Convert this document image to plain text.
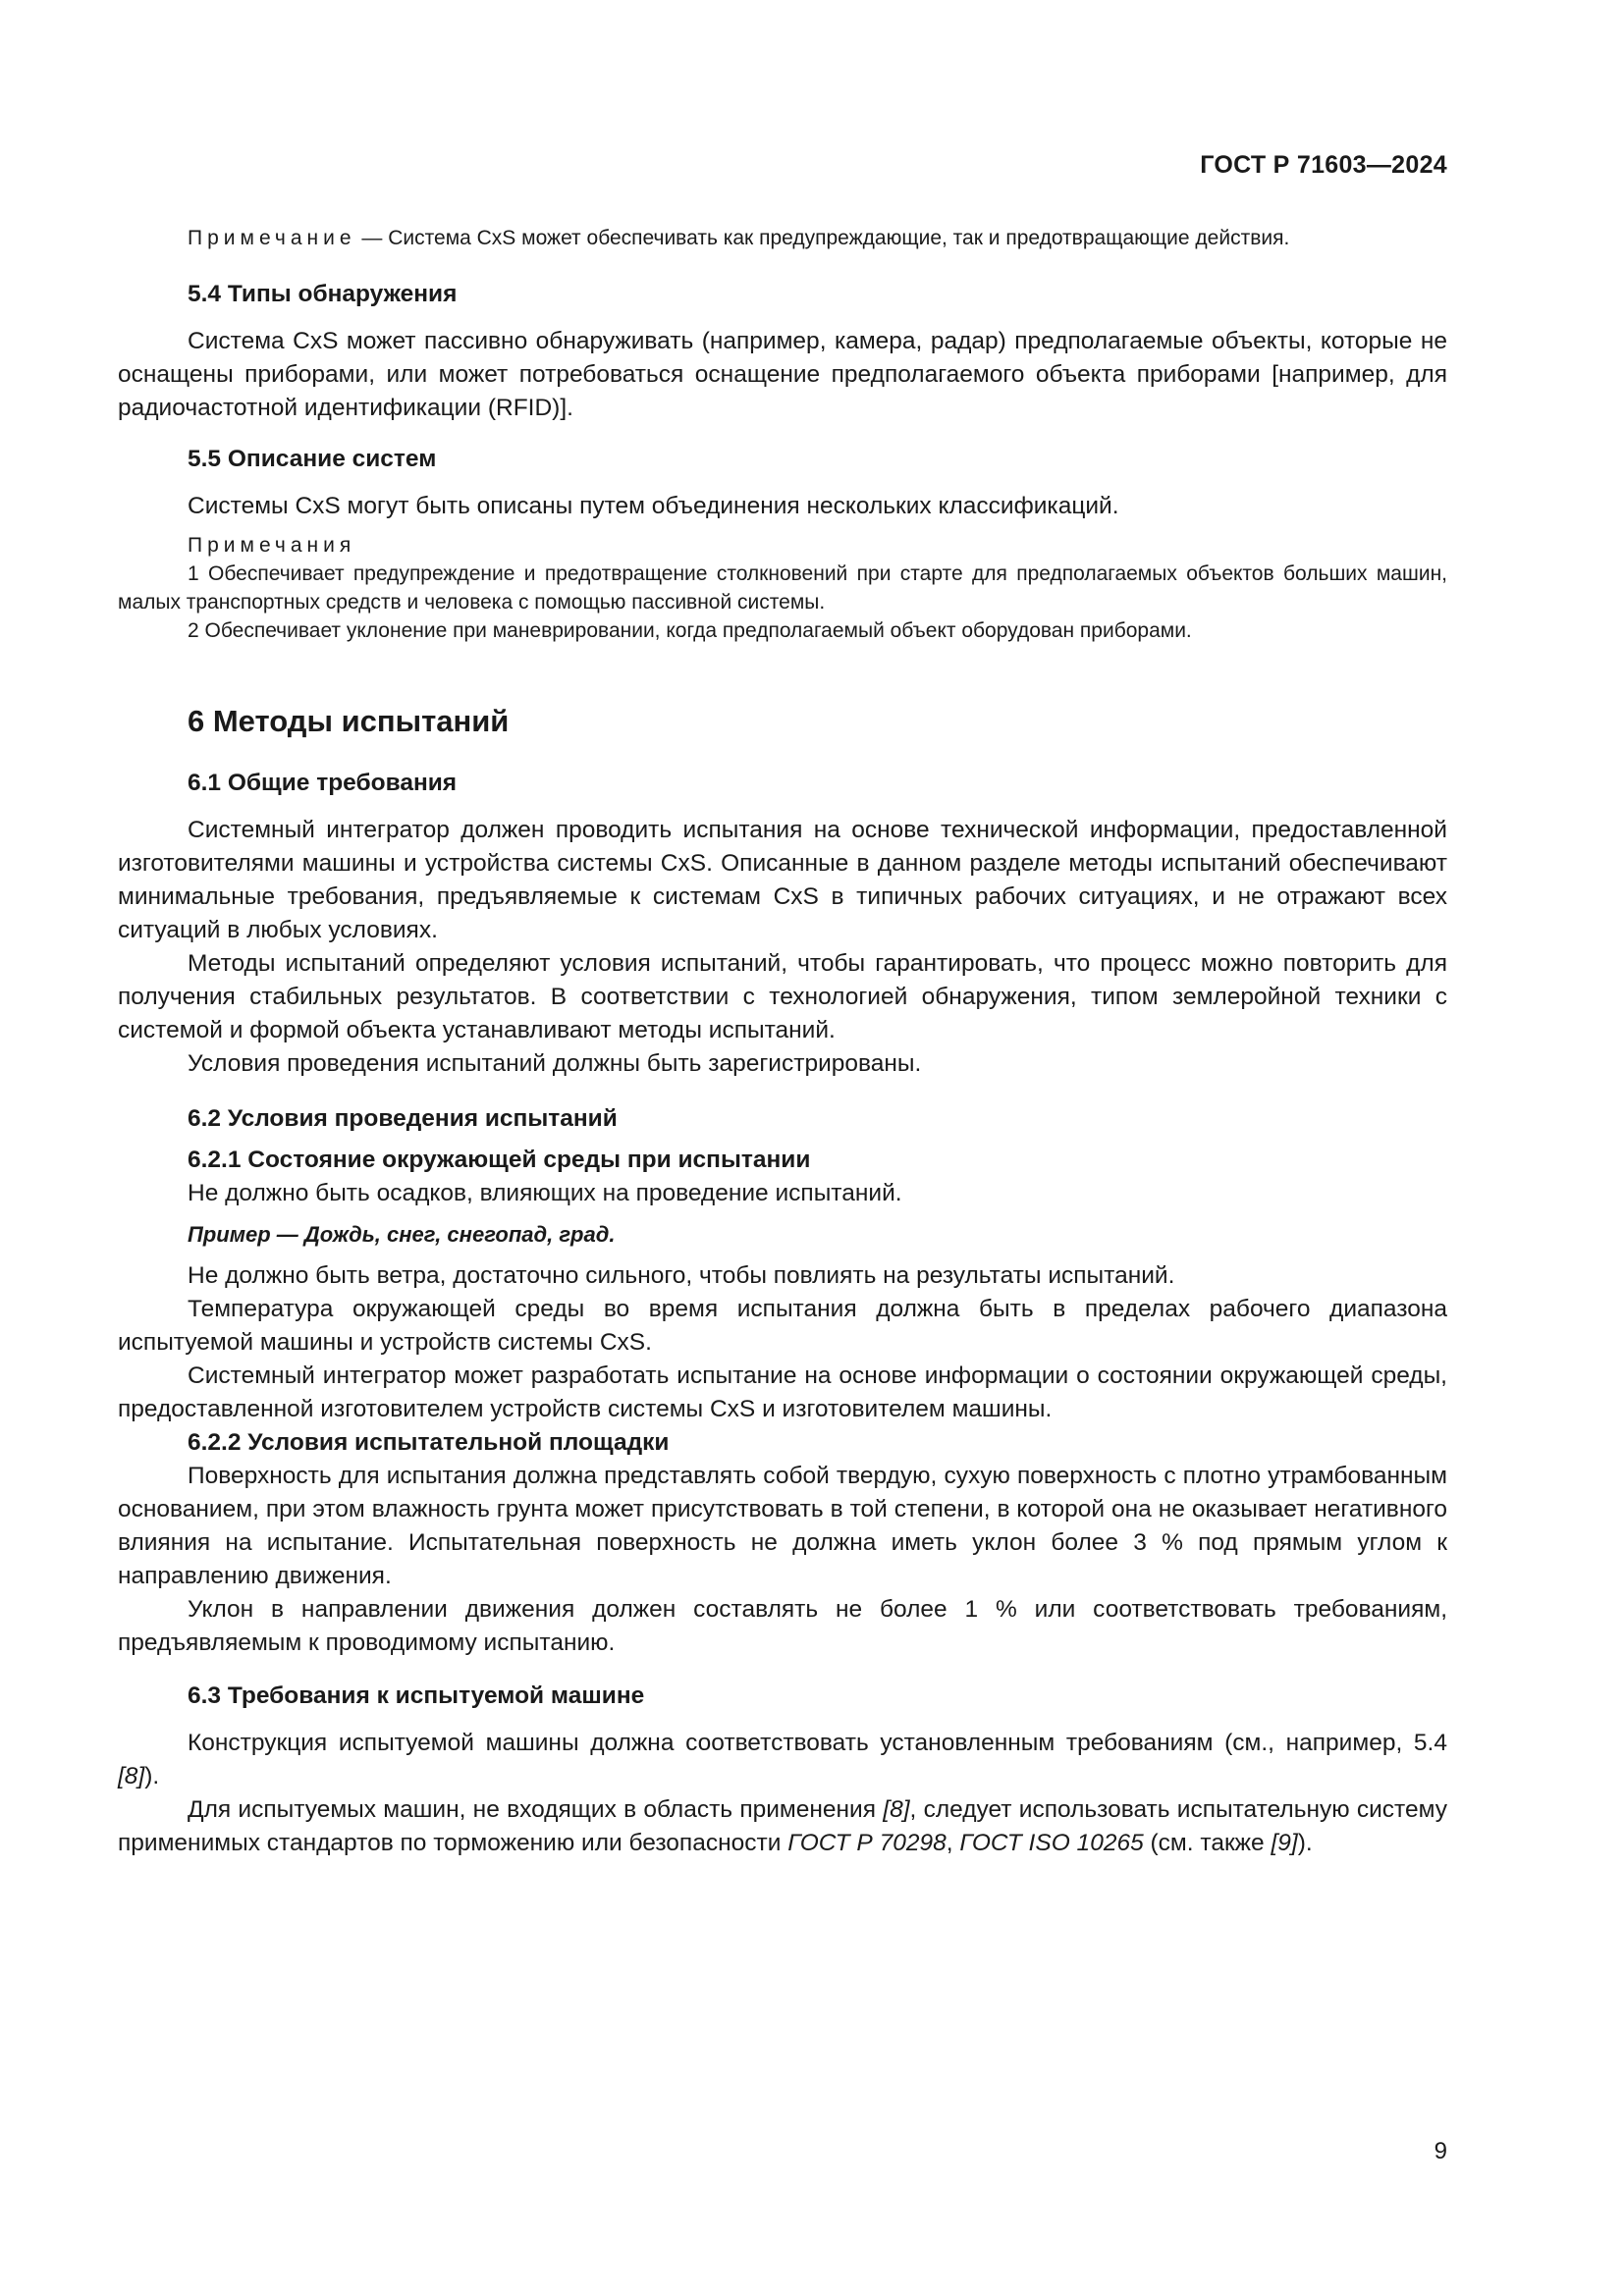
ГОСТ Р 71603—2024

Примечание — Система CxS может обеспечивать как предупреждающие, так и предотвращающие действия.

5.4 Типы обнаружения

Система CxS может пассивно обнаруживать (например, камера, радар) предполагаемые объекты, которые не оснащены приборами, или может потребоваться оснащение предполагаемого объекта приборами [например, для радиочастотной идентификации (RFID)].

5.5 Описание систем

Системы CxS могут быть описаны путем объединения нескольких классификаций.

Примечания

1 Обеспечивает предупреждение и предотвращение столкновений при старте для предполагаемых объектов больших машин, малых транспортных средств и человека с помощью пассивной системы.

2 Обеспечивает уклонение при маневрировании, когда предполагаемый объект оборудован приборами.

6 Методы испытаний
6.1 Общие требования

Системный интегратор должен проводить испытания на основе технической информации, предоставленной изготовителями машины и устройства системы CxS. Описанные в данном разделе методы испытаний обеспечивают минимальные требования, предъявляемые к системам CxS в типичных рабочих ситуациях, и не отражают всех ситуаций в любых условиях.

Методы испытаний определяют условия испытаний, чтобы гарантировать, что процесс можно повторить для получения стабильных результатов. В соответствии с технологией обнаружения, типом землеройной техники с системой и формой объекта устанавливают методы испытаний.

Условия проведения испытаний должны быть зарегистрированы.

6.2 Условия проведения испытаний
6.2.1 Состояние окружающей среды при испытании

Не должно быть осадков, влияющих на проведение испытаний.

Пример — Дождь, снег, снегопад, град.

Не должно быть ветра, достаточно сильного, чтобы повлиять на результаты испытаний.

Температура окружающей среды во время испытания должна быть в пределах рабочего диапазона испытуемой машины и устройств системы CxS.

Системный интегратор может разработать испытание на основе информации о состоянии окружающей среды, предоставленной изготовителем устройств системы CxS и изготовителем машины.

6.2.2 Условия испытательной площадки

Поверхность для испытания должна представлять собой твердую, сухую поверхность с плотно утрамбованным основанием, при этом влажность грунта может присутствовать в той степени, в которой она не оказывает негативного влияния на испытание. Испытательная поверхность не должна иметь уклон более 3 % под прямым углом к направлению движения.

Уклон в направлении движения должен составлять не более 1 % или соответствовать требованиям, предъявляемым к проводимому испытанию.

6.3 Требования к испытуемой машине

Конструкция испытуемой машины должна соответствовать установленным требованиям (см., например, 5.4 [8]).

Для испытуемых машин, не входящих в область применения [8], следует использовать испытательную систему применимых стандартов по торможению или безопасности ГОСТ Р 70298, ГОСТ ISO 10265 (см. также [9]).

9
